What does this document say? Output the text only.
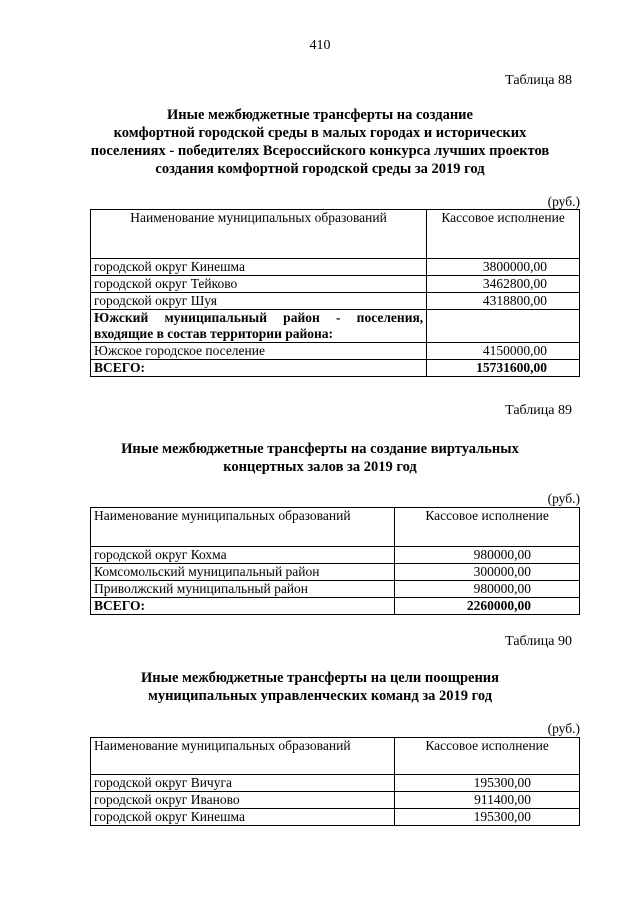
410
Таблица 88
Иные межбюджетные трансферты на создание
комфортной городской среды в малых городах и исторических
поселениях - победителях Всероссийского конкурса лучших проектов
создания комфортной городской среды за 2019 год
(руб.)
Наименование муниципальных образований	Кассовое исполнение
городской округ Кинешма	3800000,00
городской округ Тейково	3462800,00
городской округ Шуя	4318800,00
Южский муниципальный район - поселения, входящие в состав территории района:	
Южское городское поселение	4150000,00
ВСЕГО:	15731600,00
Таблица 89
Иные межбюджетные трансферты на создание виртуальных
концертных залов за 2019 год
(руб.)
Наименование муниципальных образований	Кассовое исполнение
городской округ Кохма	980000,00
Комсомольский муниципальный район	300000,00
Приволжский муниципальный район	980000,00
ВСЕГО:	2260000,00
Таблица 90
Иные межбюджетные трансферты на цели поощрения
муниципальных управленческих команд за 2019 год
(руб.)
Наименование муниципальных образований	Кассовое исполнение
городской округ Вичуга	195300,00
городской округ Иваново	911400,00
городской округ Кинешма	195300,00
